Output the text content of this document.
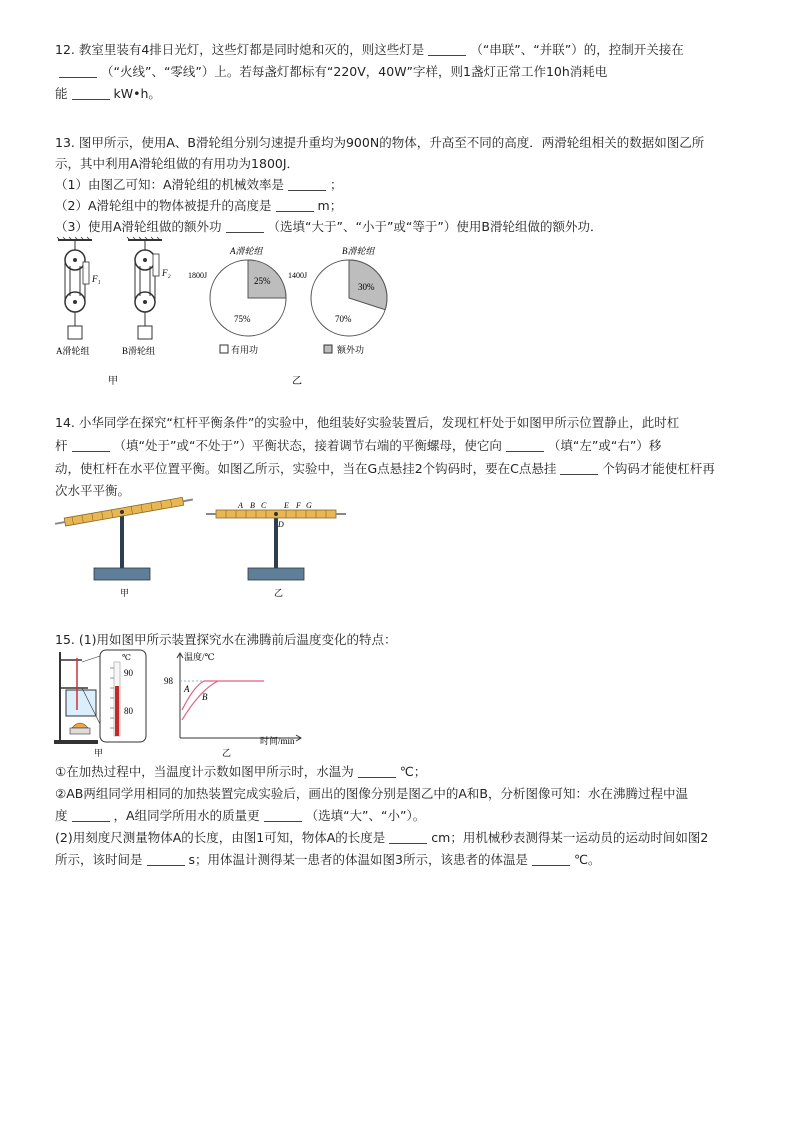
12. 教室里装有4排日光灯，这些灯都是同时熄和灭的，则这些灯是	（“串联”、“并联”）的，控制开关接在
（“火线”、“零线”）上。若每盏灯都标有“220V，40W”字样，则1盏灯正常工作10h消耗电
能	kW•h。
13. 图甲所示，使用A、B滑轮组分别匀速提升重均为900N的物体，升高至不同的高度．两滑轮组相关的数据如图乙所
示，其中利用A滑轮组做的有用功为1800J．
（1）由图乙可知：A滑轮组的机械效率是	；
（2）A滑轮组中的物体被提升的高度是	m；
（3）使用A滑轮组做的额外功	（选填“大于”、“小于”或“等于”）使用B滑轮组做的额外功．
F₁
A滑轮组
F₂
B滑轮组
A滑轮组
1800J
25%
75%
B滑轮组
1400J
30%
70%
有用功	额外功
甲	乙
14. 小华同学在探究“杠杆平衡条件”的实验中，他组装好实验装置后，发现杠杆处于如图甲所示位置静止，此时杠
杆	（填“处于”或“不处于”）平衡状态，接着调节右端的平衡螺母，使它向	（填“左”或“右”）移
动，使杠杆在水平位置平衡。如图乙所示，实验中，当在G点悬挂2个钩码时，要在C点悬挂	个钩码才能使杠杆再
次水平平衡。
甲
A B C E F G
D
乙
15. (1)用如图甲所示装置探究水在沸腾前后温度变化的特点：
℃
90
80
甲
温度/℃
98
A
B
时间/min
乙
①在加热过程中，当温度计示数如图甲所示时，水温为	℃；
②AB两组同学用相同的加热装置完成实验后，画出的图像分别是图乙中的A和B，分析图像可知：水在沸腾过程中温
度	，A组同学所用水的质量更	（选填“大”、“小”）。
(2)用刻度尺测量物体A的长度，由图1可知，物体A的长度是	cm；用机械秒表测得某一运动员的运动时间如图2
所示，该时间是	s；用体温计测得某一患者的体温如图3所示，该患者的体温是	℃。
